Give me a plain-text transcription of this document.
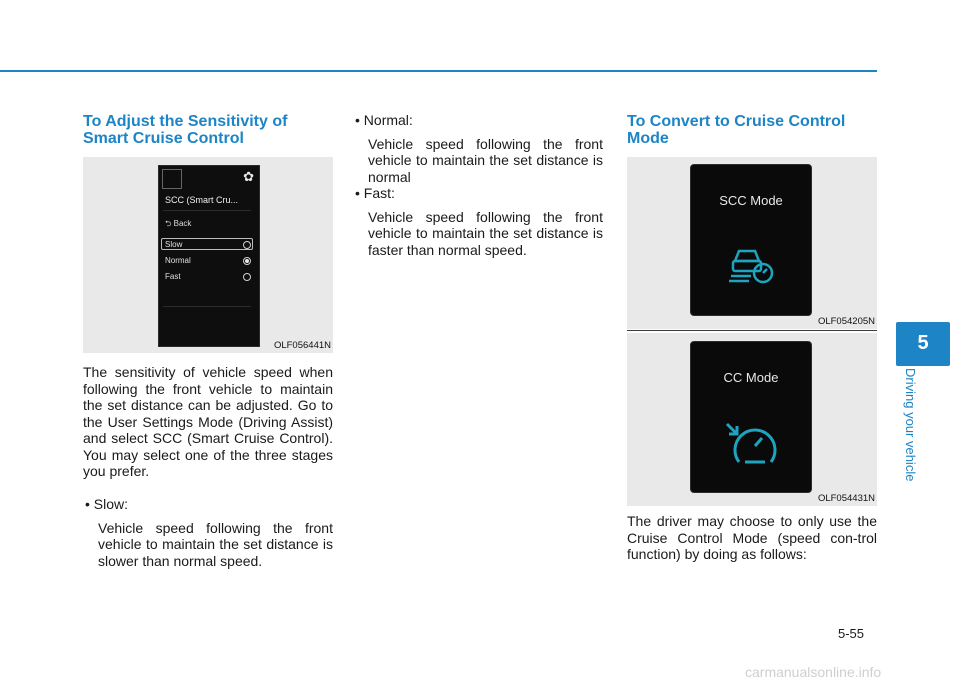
To Adjust the Sensitivity of Smart Cruise Control
✿
SCC (Smart Cru...
⮌ Back
Slow
Normal
Fast
OLF056441N

The sensitivity of vehicle speed when following the front vehicle to maintain the set distance can be adjusted. Go to the User Settings Mode (Driving Assist) and select SCC (Smart Cruise Control). You may select one of the three stages you prefer.

• Slow:
Vehicle speed following the front vehicle to maintain the set distance is slower than normal speed.
• Normal:
Vehicle speed following the front vehicle to maintain the set distance is normal
• Fast:
Vehicle speed following the front vehicle to maintain the set distance is faster than normal speed.
To Convert to Cruise Control Mode
SCC Mode
OLF054205N
CC Mode
OLF054431N

The driver may choose to only use the Cruise Control Mode (speed con-trol function) by doing as follows:

5
Driving your vehicle
5-55
carmanualsonline.info
